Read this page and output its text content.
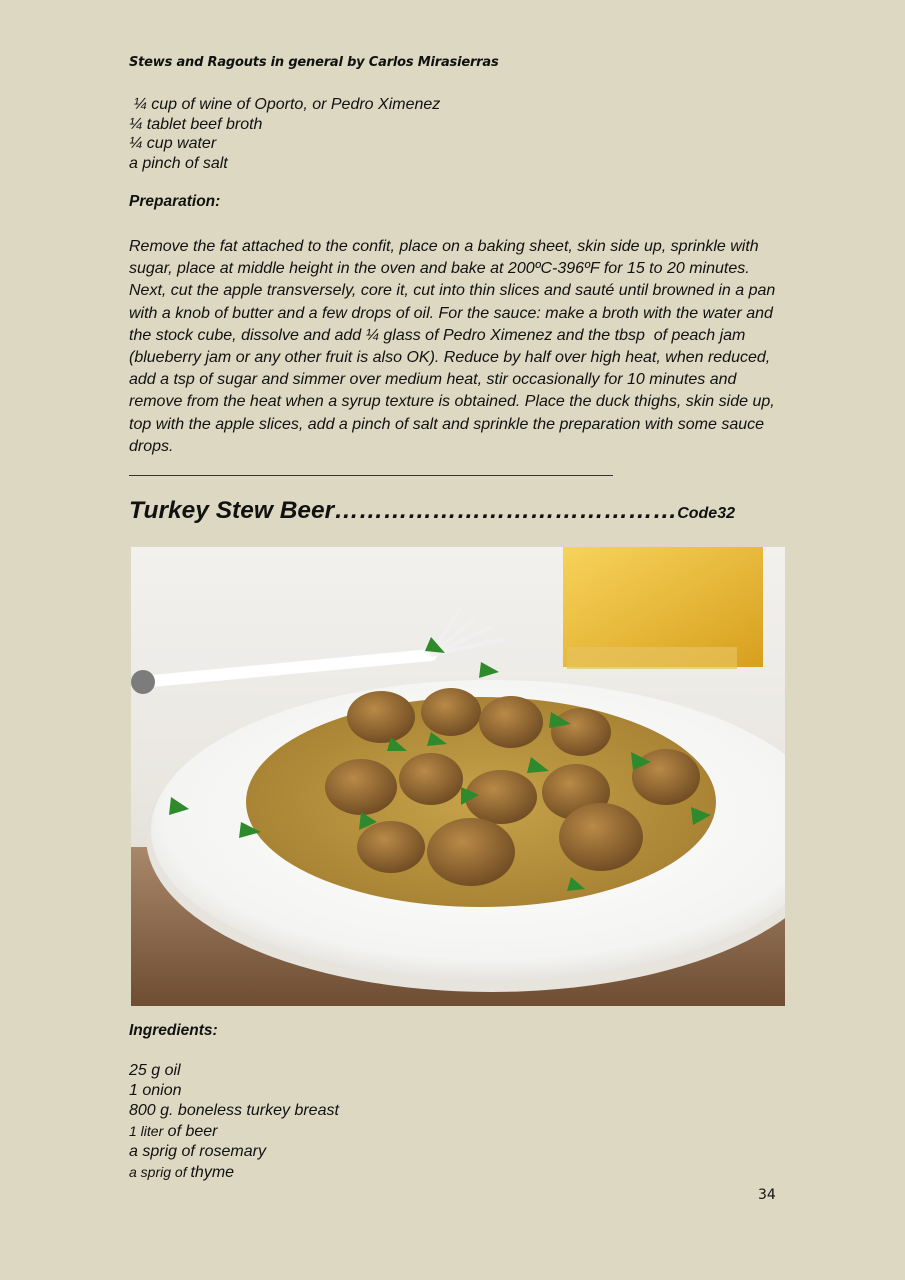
Stews and Ragouts in general by Carlos Mirasierras
¼ cup of wine of Oporto, or Pedro Ximenez
¼ tablet beef broth
¼ cup water
a pinch of salt
Preparation:

Remove the fat attached to the confit, place on a baking sheet, skin side up, sprinkle with sugar, place at middle height in the oven and bake at 200ºC-396ºF for 15 to 20 minutes. Next, cut the apple transversely, core it, cut into thin slices and sauté until browned in a pan with a knob of butter and a few drops of oil. For the sauce: make a broth with the water and the stock cube, dissolve and add ¼ glass of Pedro Ximenez and the tbsp  of peach jam (blueberry jam or any other fruit is also OK). Reduce by half over high heat, when reduced, add a tsp of sugar and simmer over medium heat, stir occasionally for 10 minutes and remove from the heat when a syrup texture is obtained. Place the duck thighs, skin side up, top with the apple slices, add a pinch of salt and sprinkle the preparation with some sauce drops.

Turkey Stew Beer……………………………………Code32
Ingredients:
25 g oil
1 onion
800 g. boneless turkey breast
1 liter of beer
a sprig of rosemary
a sprig of thyme
34
